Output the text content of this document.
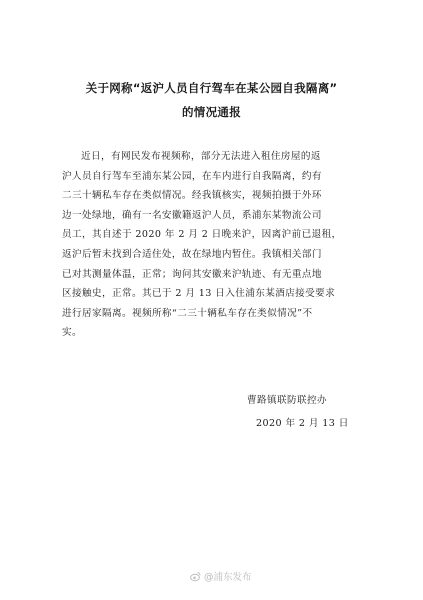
关于网称“返沪人员自行驾车在某公园自我隔离”
的情况通报
近日，有网民发布视频称，部分无法进入租住房屋的返
沪人员自行驾车至浦东某公园，在车内进行自我隔离，约有
二三十辆私车存在类似情况。经我镇核实，视频拍摄于外环
边一处绿地，确有一名安徽籍返沪人员，系浦东某物流公司
员工，其自述于 2020 年 2 月 2 日晚来沪，因离沪前已退租，
返沪后暂未找到合适住处，故在绿地内暂住。我镇相关部门
已对其测量体温，正常；询问其安徽来沪轨迹、有无重点地
区接触史，正常。其已于 2 月 13 日入住浦东某酒店接受要求
进行居家隔离。视频所称“二三十辆私车存在类似情况”不
实。
曹路镇联防联控办
2020 年 2 月 13 日
@浦东发布
